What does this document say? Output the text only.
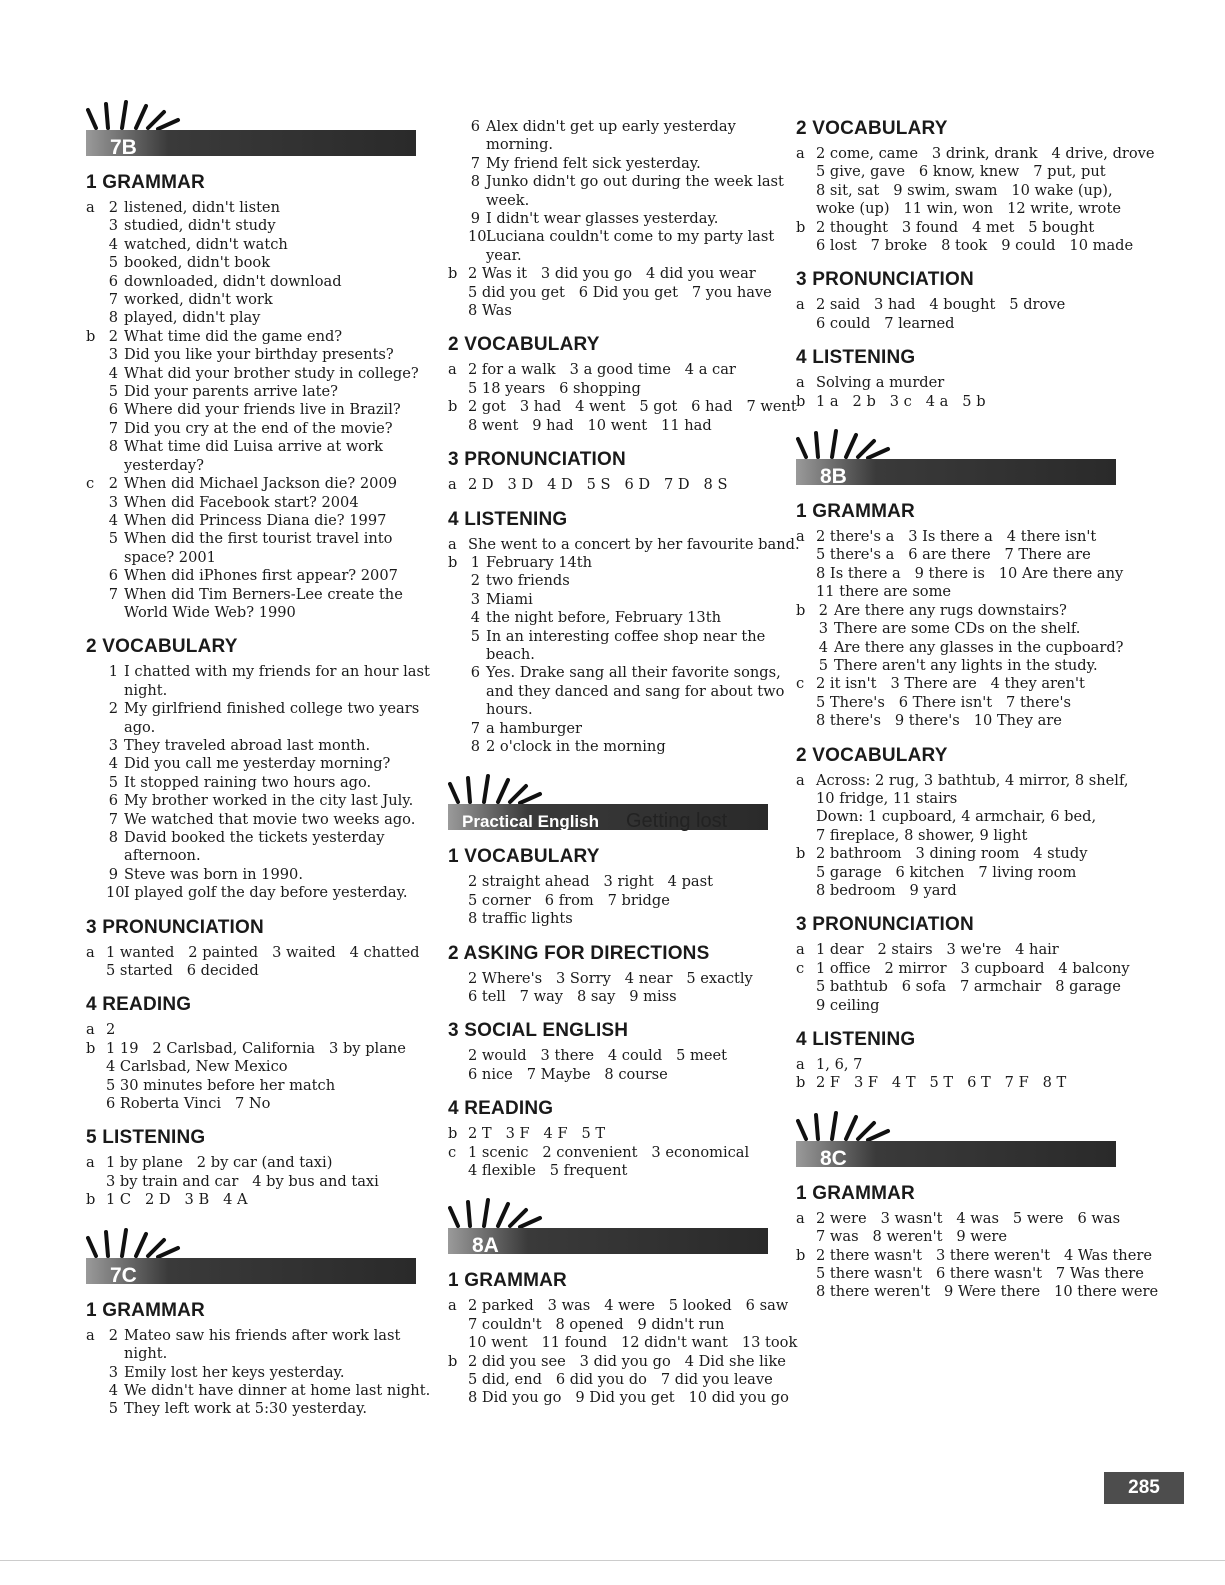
7B
1 GRAMMAR
a 2 listened, didn't listen
3 studied, didn't study
4 watched, didn't watch
5 booked, didn't book
6 downloaded, didn't download
7 worked, didn't work
8 played, didn't play
b 2 What time did the game end?
3 Did you like your birthday presents?
4 What did your brother study in college?
5 Did your parents arrive late?
6 Where did your friends live in Brazil?
7 Did you cry at the end of the movie?
8 What time did Luisa arrive at work yesterday?
c 2 When did Michael Jackson die? 2009
3 When did Facebook start? 2004
4 When did Princess Diana die? 1997
5 When did the first tourist travel into space? 2001
6 When did iPhones first appear? 2007
7 When did Tim Berners-Lee create the World Wide Web? 1990
2 VOCABULARY
1 I chatted with my friends for an hour last night.
2 My girlfriend finished college two years ago.
3 They traveled abroad last month.
4 Did you call me yesterday morning?
5 It stopped raining two hours ago.
6 My brother worked in the city last July.
7 We watched that movie two weeks ago.
8 David booked the tickets yesterday afternoon.
9 Steve was born in 1990.
10 I played golf the day before yesterday.
3 PRONUNCIATION
a 1 wanted   2 painted   3 waited   4 chatted
5 started   6 decided
4 READING
a 2
b 1 19   2 Carlsbad, California   3 by plane
4 Carlsbad, New Mexico
5 30 minutes before her match
6 Roberta Vinci   7 No
5 LISTENING
a 1 by plane   2 by car (and taxi)
3 by train and car   4 by bus and taxi
b 1 C   2 D   3 B   4 A
7C
1 GRAMMAR
a 2 Mateo saw his friends after work last night.
3 Emily lost her keys yesterday.
4 We didn't have dinner at home last night.
5 They left work at 5:30 yesterday.
6 Alex didn't get up early yesterday morning.
7 My friend felt sick yesterday.
8 Junko didn't go out during the week last week.
9 I didn't wear glasses yesterday.
10 Luciana couldn't come to my party last year.
b 2 Was it   3 did you go   4 did you wear
5 did you get   6 Did you get   7 you have
8 Was
2 VOCABULARY
a 2 for a walk   3 a good time   4 a car
5 18 years   6 shopping
b 2 got   3 had   4 went   5 got   6 had   7 went
8 went   9 had   10 went   11 had
3 PRONUNCIATION
a 2 D   3 D   4 D   5 S   6 D   7 D   8 S
4 LISTENING
a She went to a concert by her favourite band.
b 1 February 14th
2 two friends
3 Miami
4 the night before, February 13th
5 In an interesting coffee shop near the beach.
6 Yes. Drake sang all their favorite songs, and they danced and sang for about two hours.
7 a hamburger
8 2 o'clock in the morning
Practical English Getting lost
1 VOCABULARY
2 straight ahead   3 right   4 past
5 corner   6 from   7 bridge
8 traffic lights
2 ASKING FOR DIRECTIONS
2 Where's   3 Sorry   4 near   5 exactly
6 tell   7 way   8 say   9 miss
3 SOCIAL ENGLISH
2 would   3 there   4 could   5 meet
6 nice   7 Maybe   8 course
4 READING
b 2 T   3 F   4 F   5 T
c 1 scenic   2 convenient   3 economical
4 flexible   5 frequent
8A
1 GRAMMAR
a 2 parked   3 was   4 were   5 looked   6 saw
7 couldn't   8 opened   9 didn't run
10 went   11 found   12 didn't want   13 took
b 2 did you see   3 did you go   4 Did she like
5 did, end   6 did you do   7 did you leave
8 Did you go   9 Did you get   10 did you go
2 VOCABULARY
a 2 come, came   3 drink, drank   4 drive, drove
5 give, gave   6 know, knew   7 put, put
8 sit, sat   9 swim, swam   10 wake (up),
woke (up)   11 win, won   12 write, wrote
b 2 thought   3 found   4 met   5 bought
6 lost   7 broke   8 took   9 could   10 made
3 PRONUNCIATION
a 2 said   3 had   4 bought   5 drove
6 could   7 learned
4 LISTENING
a Solving a murder
b 1 a   2 b   3 c   4 a   5 b
8B
1 GRAMMAR
a 2 there's a   3 Is there a   4 there isn't
5 there's a   6 are there   7 There are
8 Is there a   9 there is   10 Are there any
11 there are some
b 2 Are there any rugs downstairs?
3 There are some CDs on the shelf.
4 Are there any glasses in the cupboard?
5 There aren't any lights in the study.
c 2 it isn't   3 There are   4 they aren't
5 There's   6 There isn't   7 there's
8 there's   9 there's   10 They are
2 VOCABULARY
a Across: 2 rug, 3 bathtub, 4 mirror, 8 shelf,
10 fridge, 11 stairs
Down: 1 cupboard, 4 armchair, 6 bed,
7 fireplace, 8 shower, 9 light
b 2 bathroom   3 dining room   4 study
5 garage   6 kitchen   7 living room
8 bedroom   9 yard
3 PRONUNCIATION
a 1 dear   2 stairs   3 we're   4 hair
c 1 office   2 mirror   3 cupboard   4 balcony
5 bathtub   6 sofa   7 armchair   8 garage
9 ceiling
4 LISTENING
a 1, 6, 7
b 2 F   3 F   4 T   5 T   6 T   7 F   8 T
8C
1 GRAMMAR
a 2 were   3 wasn't   4 was   5 were   6 was
7 was   8 weren't   9 were
b 2 there wasn't   3 there weren't   4 Was there
5 there wasn't   6 there wasn't   7 Was there
8 there weren't   9 Were there   10 there were
285
